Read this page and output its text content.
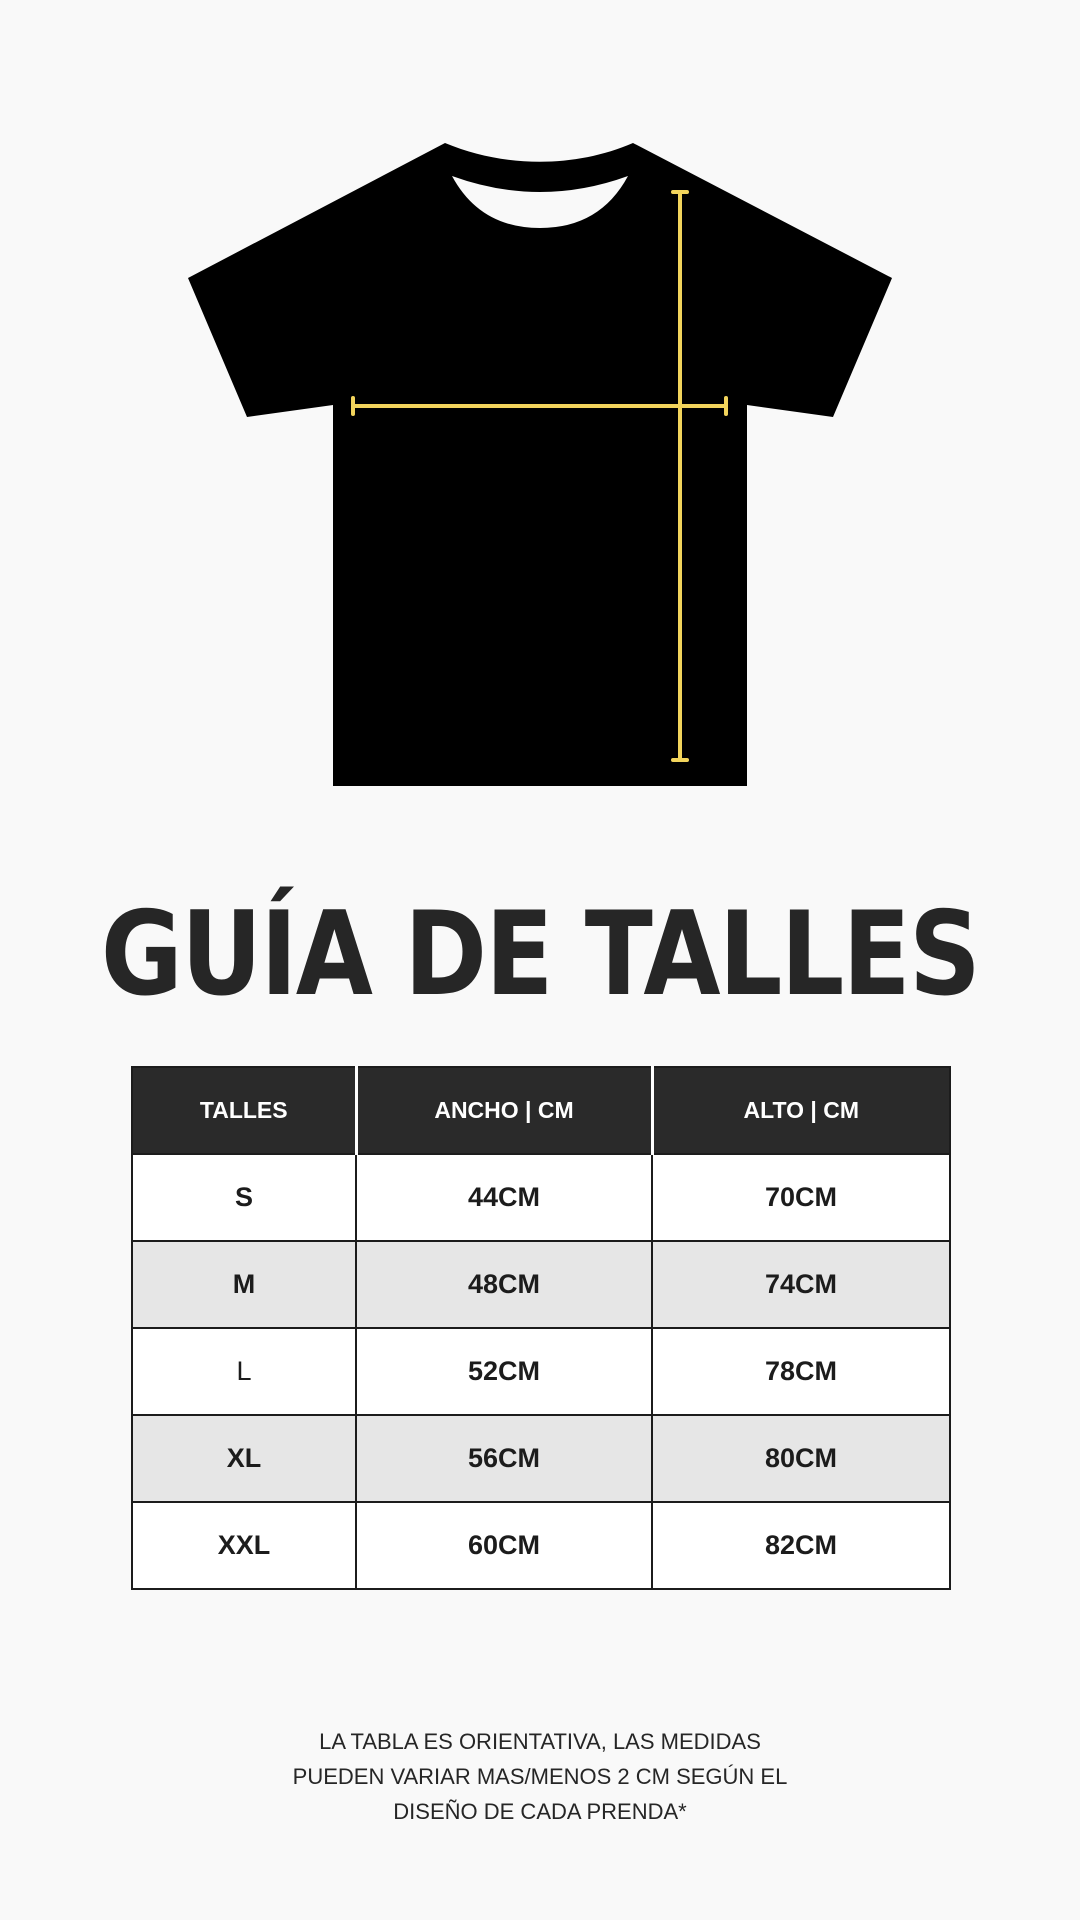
GUÍA DE TALLES
TALLES	ANCHO | CM	ALTO | CM
S	44CM	70CM
M	48CM	74CM
L	52CM	78CM
XL	56CM	80CM
XXL	60CM	82CM

LA TABLA ES ORIENTATIVA, LAS MEDIDAS
PUEDEN VARIAR MAS/MENOS 2 CM SEGÚN EL
DISEÑO DE CADA PRENDA*
